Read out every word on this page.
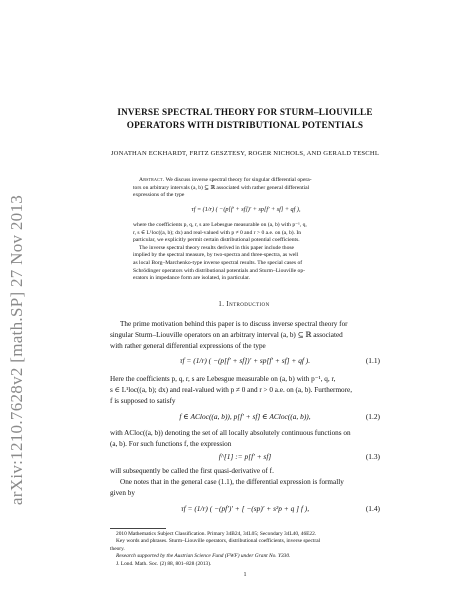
arXiv:1210.7628v2 [math.SP] 27 Nov 2013
INVERSE SPECTRAL THEORY FOR STURM–LIOUVILLE
OPERATORS WITH DISTRIBUTIONAL POTENTIALS
JONATHAN ECKHARDT, FRITZ GESZTESY, ROGER NICHOLS, AND GERALD TESCHL
Abstract. We discuss inverse spectral theory for singular differential opera-
tors on arbitrary intervals (a, b) ⊆ ℝ associated with rather general differential
expressions of the type
τf = (1/r) ( −(p[f′ + sf])′ + sp[f′ + sf] + qf ),
where the coefficients p, q, r, s are Lebesgue measurable on (a, b) with p⁻¹, q,
r, s ∈ L¹loc((a, b); dx) and real-valued with p ≠ 0 and r > 0 a.e. on (a, b). In
particular, we explicitly permit certain distributional potential coefficients.
The inverse spectral theory results derived in this paper include those
implied by the spectral measure, by two-spectra and three-spectra, as well
as local Borg–Marchenko-type inverse spectral results. The special cases of
Schrödinger operators with distributional potentials and Sturm–Liouville op-
erators in impedance form are isolated, in particular.
1. Introduction
The prime motivation behind this paper is to discuss inverse spectral theory for
singular Sturm–Liouville operators on an arbitrary interval (a, b) ⊆ ℝ associated
with rather general differential expressions of the type
τf = (1/r) ( −(p[f′ + sf])′ + sp[f′ + sf] + qf ).	(1.1)
Here the coefficients p, q, r, s are Lebesgue measurable on (a, b) with p⁻¹, q, r,
s ∈ L¹loc((a, b); dx) and real-valued with p ≠ 0 and r > 0 a.e. on (a, b). Furthermore,
f is supposed to satisfy
f ∈ ACloc((a, b)), p[f′ + sf] ∈ ACloc((a, b)),	(1.2)
with ACloc((a, b)) denoting the set of all locally absolutely continuous functions on
(a, b). For such functions f, the expression
f^[1] := p[f′ + sf]	(1.3)
will subsequently be called the first quasi-derivative of f.
One notes that in the general case (1.1), the differential expression is formally
given by
τf = (1/r) ( −(pf′)′ + [ −(sp)′ + s²p + q ] f ),	(1.4)
2010 Mathematics Subject Classification. Primary 34B24, 34L05; Secondary 34L40, 46E22.
Key words and phrases. Sturm–Liouville operators, distributional coefficients, inverse spectral
theory.
Research supported by the Austrian Science Fund (FWF) under Grant No. Y330.
J. Lond. Math. Soc. (2) 88, 801–828 (2013).
1
